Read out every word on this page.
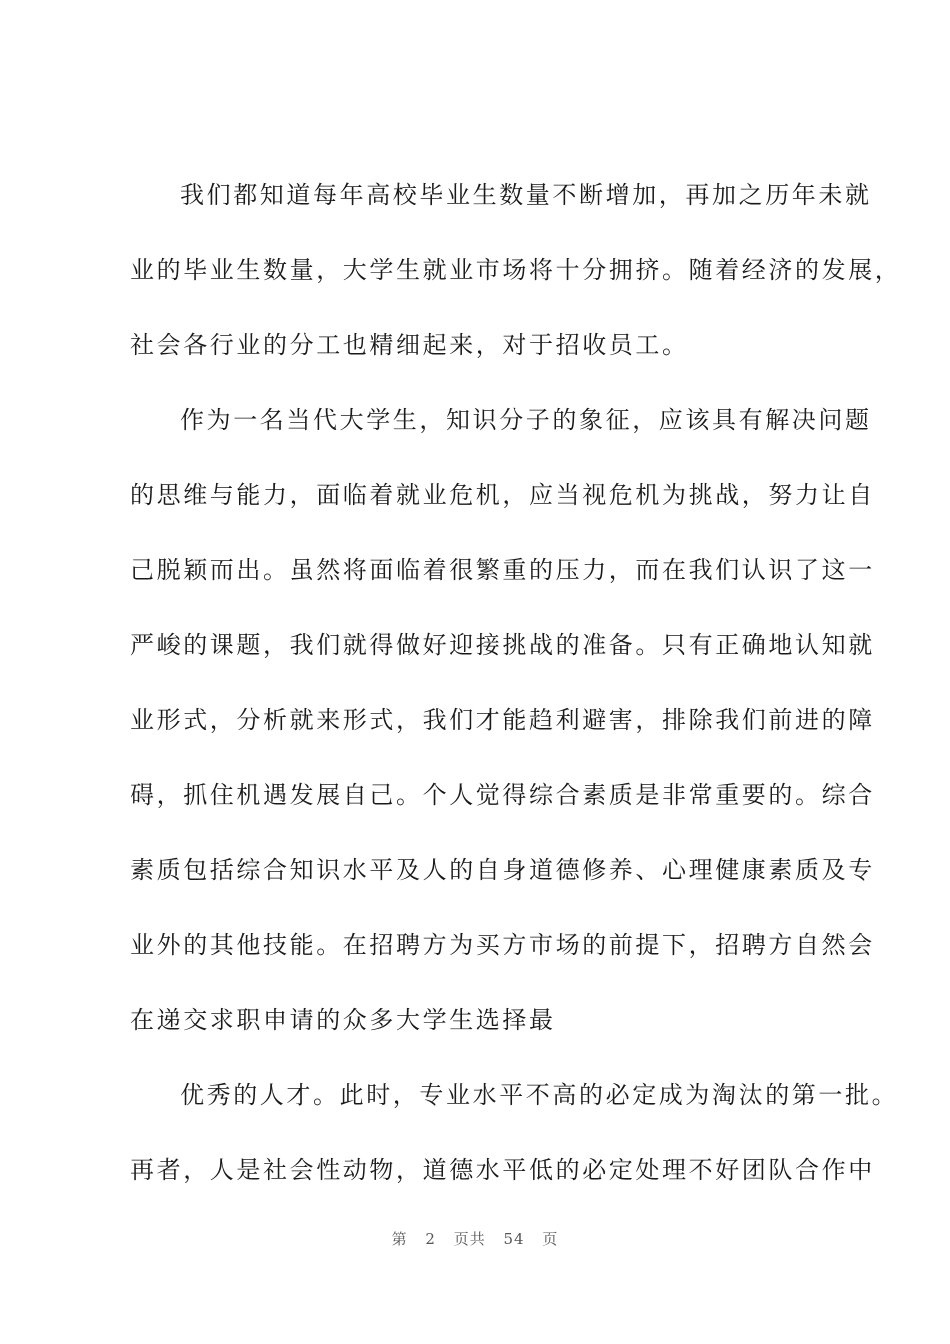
我们都知道每年高校毕业生数量不断增加，再加之历年未就
业的毕业生数量，大学生就业市场将十分拥挤。随着经济的发展，
社会各行业的分工也精细起来，对于招收员工。
作为一名当代大学生，知识分子的象征，应该具有解决问题
的思维与能力，面临着就业危机，应当视危机为挑战，努力让自
己脱颖而出。虽然将面临着很繁重的压力，而在我们认识了这一
严峻的课题，我们就得做好迎接挑战的准备。只有正确地认知就
业形式，分析就来形式，我们才能趋利避害，排除我们前进的障
碍，抓住机遇发展自己。个人觉得综合素质是非常重要的。综合
素质包括综合知识水平及人的自身道德修养、心理健康素质及专
业外的其他技能。在招聘方为买方市场的前提下，招聘方自然会
在递交求职申请的众多大学生选择最
优秀的人才。此时，专业水平不高的必定成为淘汰的第一批。
再者，人是社会性动物，道德水平低的必定处理不好团队合作中
第 2 页共 54 页
